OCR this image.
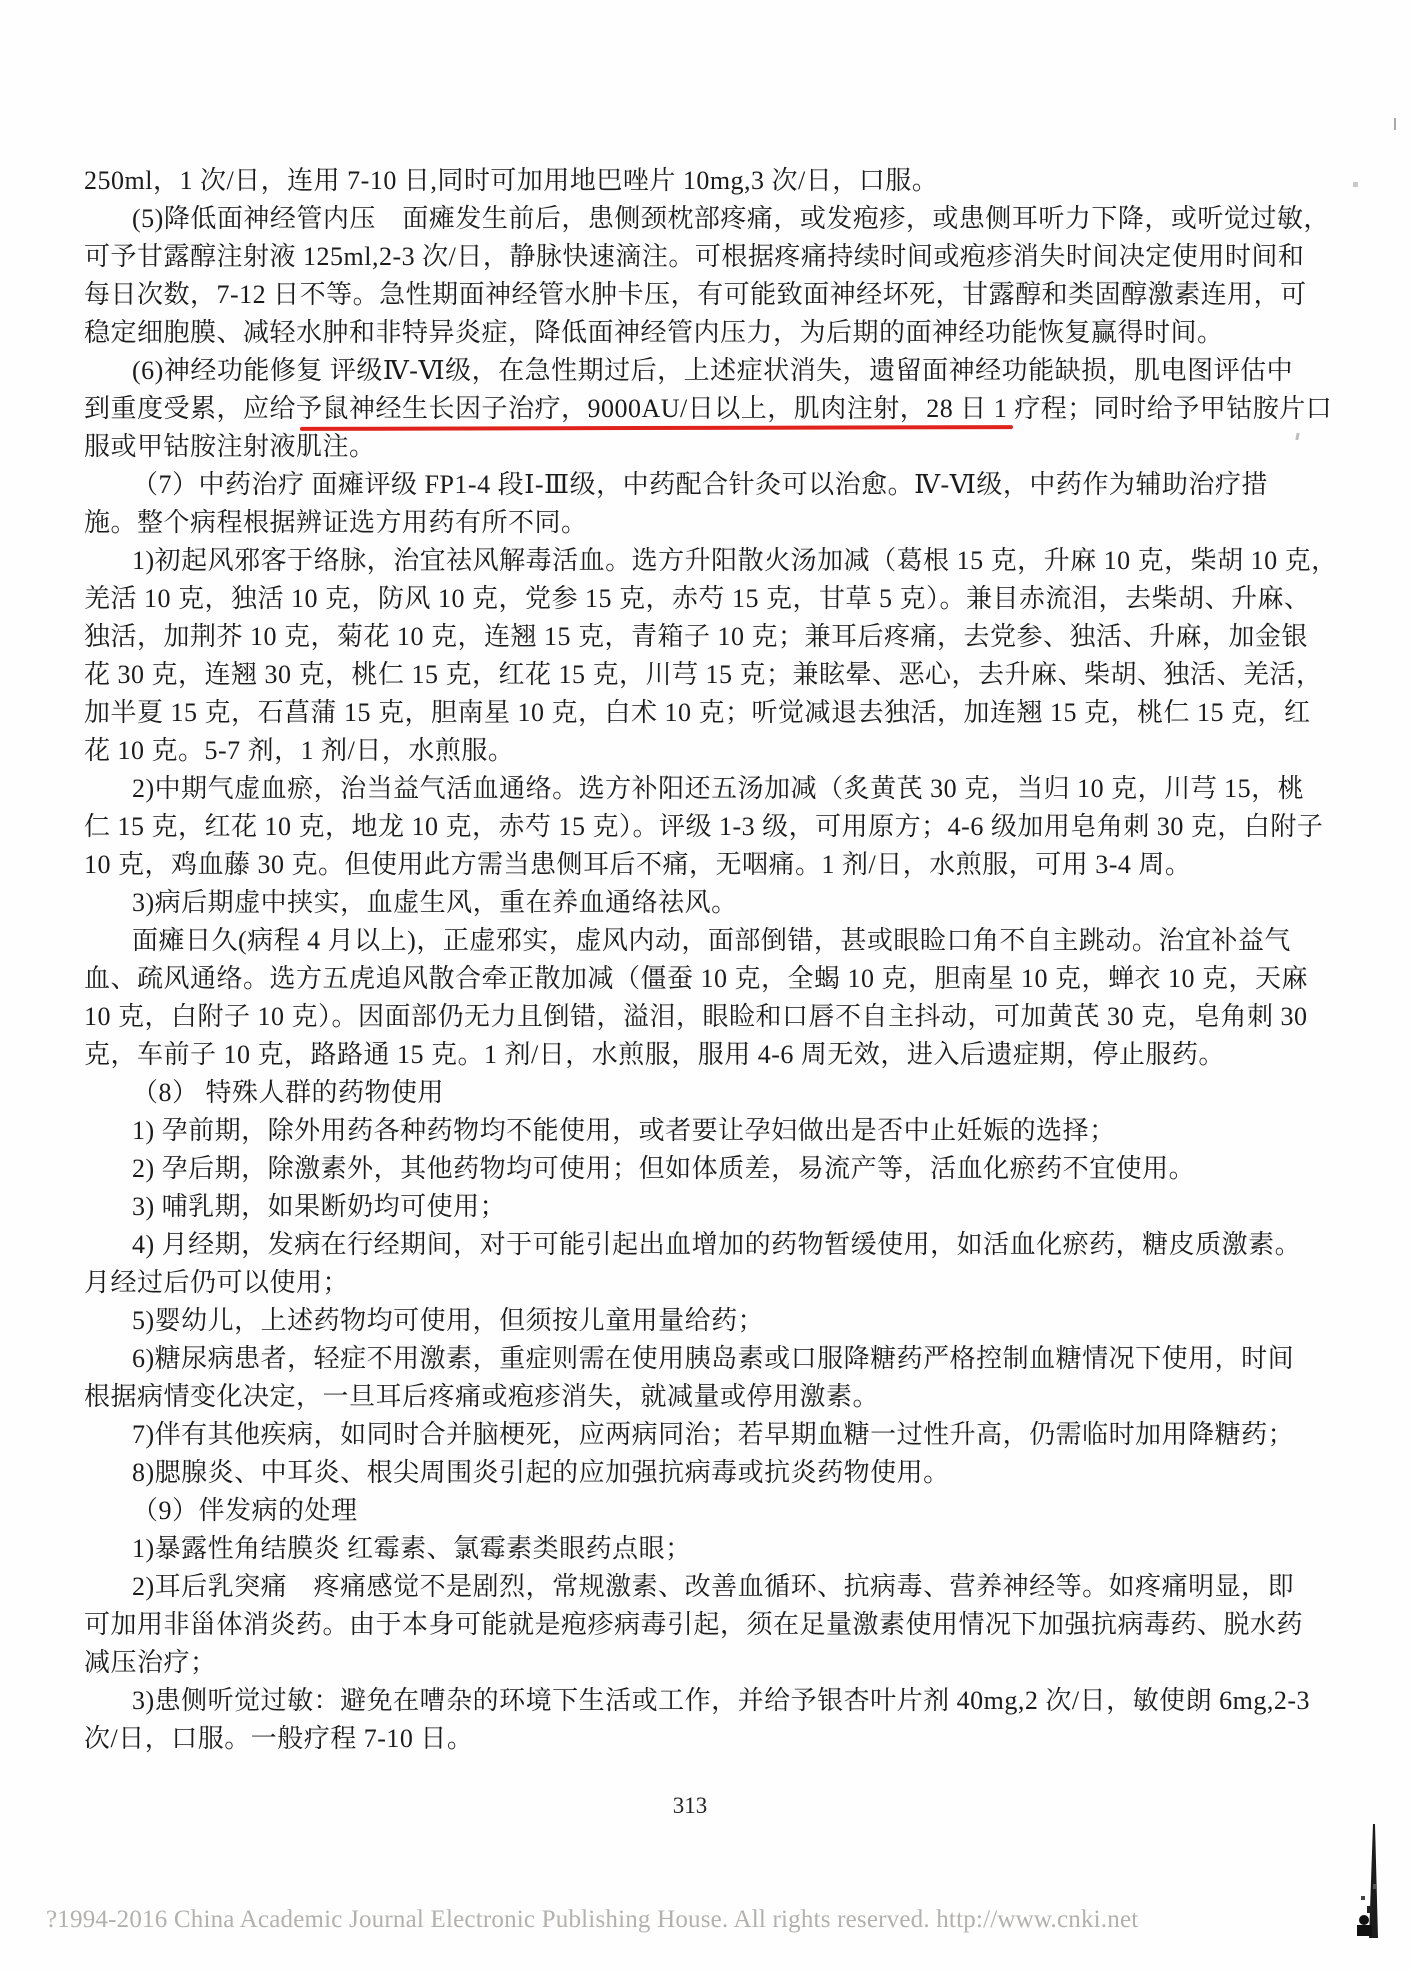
250ml，1 次/日，连用 7-10 日,同时可加用地巴唑片 10mg,3 次/日，口服。
(5)降低面神经管内压　面瘫发生前后，患侧颈枕部疼痛，或发疱疹，或患侧耳听力下降，或听觉过敏，
可予甘露醇注射液 125ml,2-3 次/日，静脉快速滴注。可根据疼痛持续时间或疱疹消失时间决定使用时间和
每日次数，7-12 日不等。急性期面神经管水肿卡压，有可能致面神经坏死，甘露醇和类固醇激素连用，可
稳定细胞膜、减轻水肿和非特异炎症，降低面神经管内压力，为后期的面神经功能恢复赢得时间。
(6)神经功能修复 评级Ⅳ-Ⅵ级，在急性期过后，上述症状消失，遗留面神经功能缺损，肌电图评估中
到重度受累，应给予鼠神经生长因子治疗，9000AU/日以上，肌肉注射，28 日 1 疗程；同时给予甲钴胺片口
服或甲钴胺注射液肌注。
（7）中药治疗 面瘫评级 FP1-4 段Ⅰ-Ⅲ级，中药配合针灸可以治愈。Ⅳ-Ⅵ级，中药作为辅助治疗措
施。整个病程根据辨证选方用药有所不同。
1)初起风邪客于络脉，治宜祛风解毒活血。选方升阳散火汤加减（葛根 15 克，升麻 10 克，柴胡 10 克，
羌活 10 克，独活 10 克，防风 10 克，党参 15 克，赤芍 15 克，甘草 5 克）。兼目赤流泪，去柴胡、升麻、
独活，加荆芥 10 克，菊花 10 克，连翘 15 克，青箱子 10 克；兼耳后疼痛，去党参、独活、升麻，加金银
花 30 克，连翘 30 克，桃仁 15 克，红花 15 克，川芎 15 克；兼眩晕、恶心，去升麻、柴胡、独活、羌活，
加半夏 15 克，石菖蒲 15 克，胆南星 10 克，白术 10 克；听觉减退去独活，加连翘 15 克，桃仁 15 克，红
花 10 克。5-7 剂，1 剂/日，水煎服。
2)中期气虚血瘀，治当益气活血通络。选方补阳还五汤加减（炙黄芪 30 克，当归 10 克，川芎 15，桃
仁 15 克，红花 10 克，地龙 10 克，赤芍 15 克）。评级 1-3 级，可用原方；4-6 级加用皂角刺 30 克，白附子
10 克，鸡血藤 30 克。但使用此方需当患侧耳后不痛，无咽痛。1 剂/日，水煎服，可用 3-4 周。
3)病后期虚中挟实，血虚生风，重在养血通络祛风。
面瘫日久(病程 4 月以上)，正虚邪实，虚风内动，面部倒错，甚或眼睑口角不自主跳动。治宜补益气
血、疏风通络。选方五虎追风散合牵正散加减（僵蚕 10 克，全蝎 10 克，胆南星 10 克，蝉衣 10 克，天麻
10 克，白附子 10 克）。因面部仍无力且倒错，溢泪，眼睑和口唇不自主抖动，可加黄芪 30 克，皂角刺 30
克，车前子 10 克，路路通 15 克。1 剂/日，水煎服，服用 4-6 周无效，进入后遗症期，停止服药。
（8） 特殊人群的药物使用
1) 孕前期，除外用药各种药物均不能使用，或者要让孕妇做出是否中止妊娠的选择；
2) 孕后期，除激素外，其他药物均可使用；但如体质差，易流产等，活血化瘀药不宜使用。
3) 哺乳期，如果断奶均可使用；
4) 月经期，发病在行经期间，对于可能引起出血增加的药物暂缓使用，如活血化瘀药，糖皮质激素。
月经过后仍可以使用；
5)婴幼儿，上述药物均可使用，但须按儿童用量给药；
6)糖尿病患者，轻症不用激素，重症则需在使用胰岛素或口服降糖药严格控制血糖情况下使用，时间
根据病情变化决定，一旦耳后疼痛或疱疹消失，就减量或停用激素。
7)伴有其他疾病，如同时合并脑梗死，应两病同治；若早期血糖一过性升高，仍需临时加用降糖药；
8)腮腺炎、中耳炎、根尖周围炎引起的应加强抗病毒或抗炎药物使用。
（9）伴发病的处理
1)暴露性角结膜炎 红霉素、氯霉素类眼药点眼；
2)耳后乳突痛　疼痛感觉不是剧烈，常规激素、改善血循环、抗病毒、营养神经等。如疼痛明显，即
可加用非甾体消炎药。由于本身可能就是疱疹病毒引起，须在足量激素使用情况下加强抗病毒药、脱水药
减压治疗；
3)患侧听觉过敏：避免在嘈杂的环境下生活或工作，并给予银杏叶片剂 40mg,2 次/日，敏使朗 6mg,2-3
次/日，口服。一般疗程 7-10 日。
313
?1994-2016 China Academic Journal Electronic Publishing House. All rights reserved. http://www.cnki.net
